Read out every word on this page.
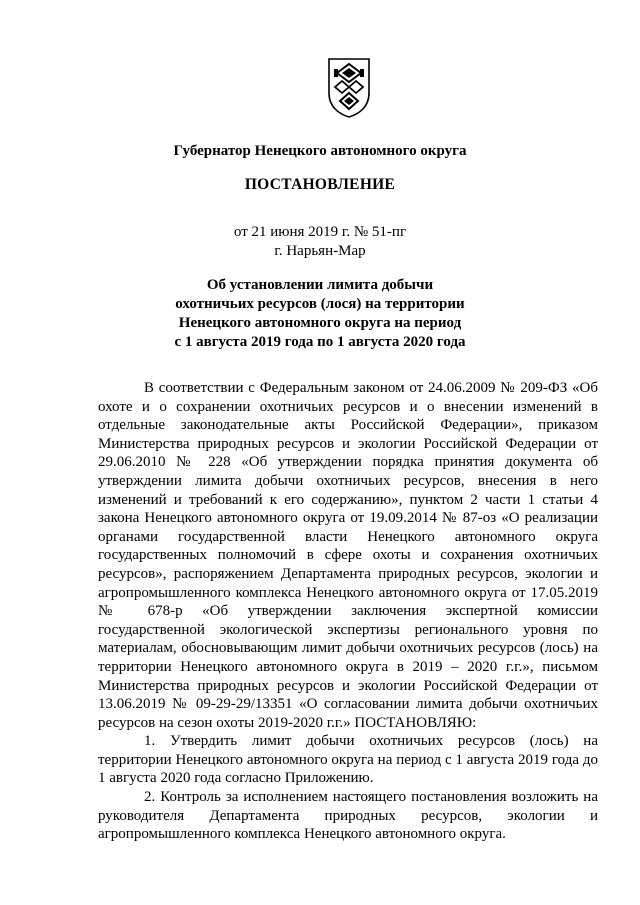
Губернатор Ненецкого автономного округа
ПОСТАНОВЛЕНИЕ
от 21 июня 2019 г. № 51-пг
г. Нарьян-Мар
Об установлении лимита добычи
охотничьих ресурсов (лося) на территории
Ненецкого автономного округа на период
с 1 августа 2019 года по 1 августа 2020 года

В соответствии с Федеральным законом от 24.06.2009 № 209-ФЗ «Об охоте и о сохранении охотничьих ресурсов и о внесении изменений в отдельные законодательные акты Российской Федерации», приказом Министерства природных ресурсов и экологии Российской Федерации от 29.06.2010 № 228 «Об утверждении порядка принятия документа об утверждении лимита добычи охотничьих ресурсов, внесения в него изменений и требований к его содержанию», пунктом 2 части 1 статьи 4 закона Ненецкого автономного округа от 19.09.2014 № 87-оз «О реализации органами государственной власти Ненецкого автономного округа государственных полномочий в сфере охоты и сохранения охотничьих ресурсов», распоряжением Департамента природных ресурсов, экологии и агропромышленного комплекса Ненецкого автономного округа от 17.05.2019 № 678-р «Об утверждении заключения экспертной комиссии государственной экологической экспертизы регионального уровня по материалам, обосновывающим лимит добычи охотничьих ресурсов (лось) на территории Ненецкого автономного округа в 2019 – 2020 г.г.», письмом Министерства природных ресурсов и экологии Российской Федерации от 13.06.2019 № 09-29-29/13351 «О согласовании лимита добычи охотничьих ресурсов на сезон охоты 2019-2020 г.г.» ПОСТАНОВЛЯЮ:

1. Утвердить лимит добычи охотничьих ресурсов (лось) на территории Ненецкого автономного округа на период с 1 августа 2019 года до 1 августа 2020 года согласно Приложению.

2. Контроль за исполнением настоящего постановления возложить на руководителя Департамента природных ресурсов, экологии и агропромышленного комплекса Ненецкого автономного округа.
